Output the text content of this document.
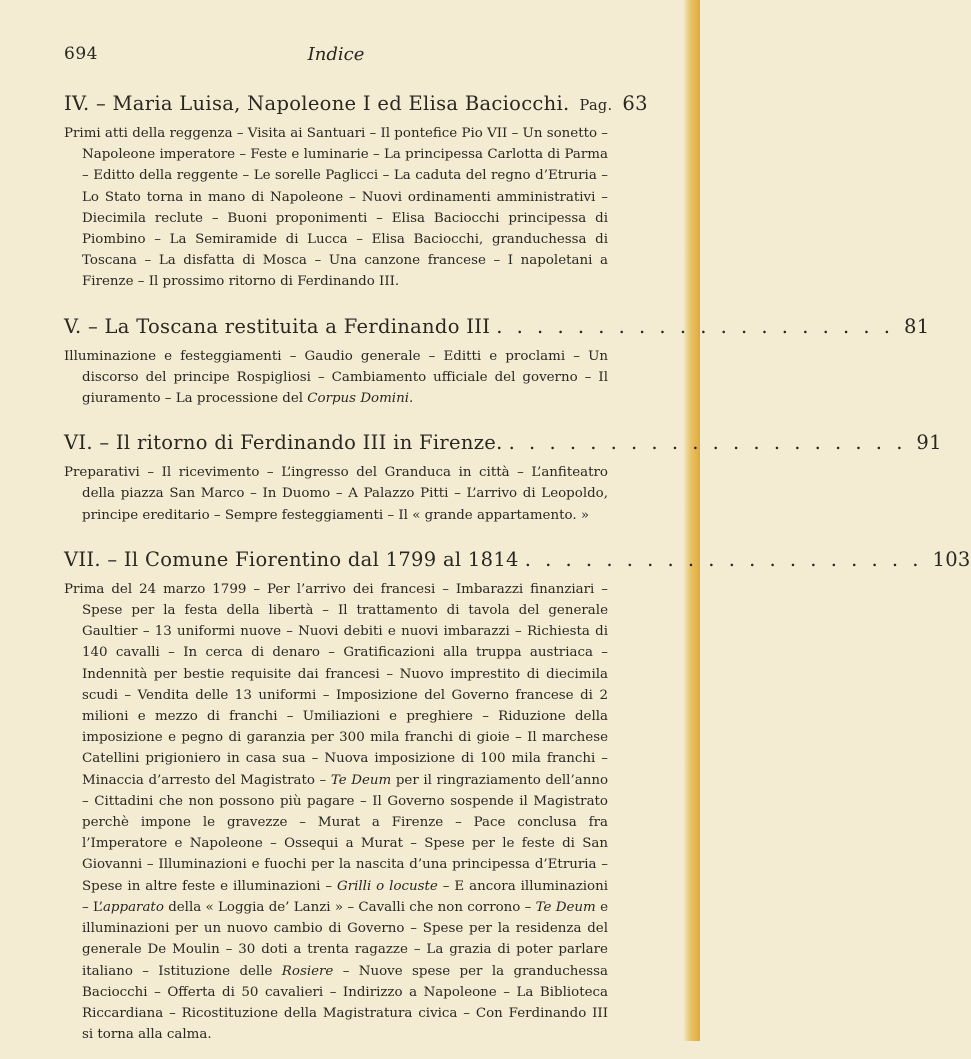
694	Indice
IV. – Maria Luisa, Napoleone I ed Elisa Baciocchi. Pag. 63

Primi atti della reggenza – Visita ai Santuari – Il pontefice Pio VII – Un sonetto – Napoleone imperatore – Feste e luminarie – La principessa Carlotta di Parma – Editto della reggente – Le sorelle Paglicci – La caduta del regno d’Etruria – Lo Stato torna in mano di Napoleone – Nuovi ordinamenti amministrativi – Diecimila reclute – Buoni proponimenti – Elisa Baciocchi principessa di Piombino – La Semiramide di Lucca – Elisa Baciocchi, granduchessa di Toscana – La disfatta di Mosca – Una canzone francese – I napoletani a Firenze – Il prossimo ritorno di Ferdinando III.

V. – La Toscana restituita a Ferdinando III . . . . . . . . . . . . . . . . . . . . 81

Illuminazione e festeggiamenti – Gaudio generale – Editti e proclami – Un discorso del principe Rospigliosi – Cambiamento ufficiale del governo – Il giuramento – La processione del Corpus Domini.

VI. – Il ritorno di Ferdinando III in Firenze. . . . . . . . . . . . . . . . . . . . . 91

Preparativi – Il ricevimento – L’ingresso del Granduca in città – L’anfiteatro della piazza San Marco – In Duomo – A Palazzo Pitti – L’arrivo di Leopoldo, principe ereditario – Sempre festeggiamenti – Il « grande appartamento. »

VII. – Il Comune Fiorentino dal 1799 al 1814 . . . . . . . . . . . . . . . . . . . . 103

Prima del 24 marzo 1799 – Per l’arrivo dei francesi – Imbarazzi finanziari – Spese per la festa della libertà – Il trattamento di tavola del generale Gaultier – 13 uniformi nuove – Nuovi debiti e nuovi imbarazzi – Richiesta di 140 cavalli – In cerca di denaro – Gratificazioni alla truppa austriaca – Indennità per bestie requisite dai francesi – Nuovo imprestito di diecimila scudi – Vendita delle 13 uniformi – Imposizione del Governo francese di 2 milioni e mezzo di franchi – Umiliazioni e preghiere – Riduzione della imposizione e pegno di garanzia per 300 mila franchi di gioie – Il marchese Catellini prigioniero in casa sua – Nuova imposizione di 100 mila franchi – Minaccia d’arresto del Magistrato – Te Deum per il ringraziamento dell’anno – Cittadini che non possono più pagare – Il Governo sospende il Magistrato perchè impone le gravezze – Murat a Firenze – Pace conclusa fra l’Imperatore e Napoleone – Ossequi a Murat – Spese per le feste di San Giovanni – Illuminazioni e fuochi per la nascita d’una principessa d’Etruria – Spese in altre feste e illuminazioni – Grilli o locuste – E ancora illuminazioni – L’apparato della « Loggia de’ Lanzi » – Cavalli che non corrono – Te Deum e illuminazioni per un nuovo cambio di Governo – Spese per la residenza del generale De Moulin – 30 doti a trenta ragazze – La grazia di poter parlare italiano – Istituzione delle Rosiere – Nuove spese per la granduchessa Baciocchi – Offerta di 50 cavalieri – Indirizzo a Napoleone – La Biblioteca Riccardiana – Ricostituzione della Magistratura civica – Con Ferdinando III si torna alla calma.
